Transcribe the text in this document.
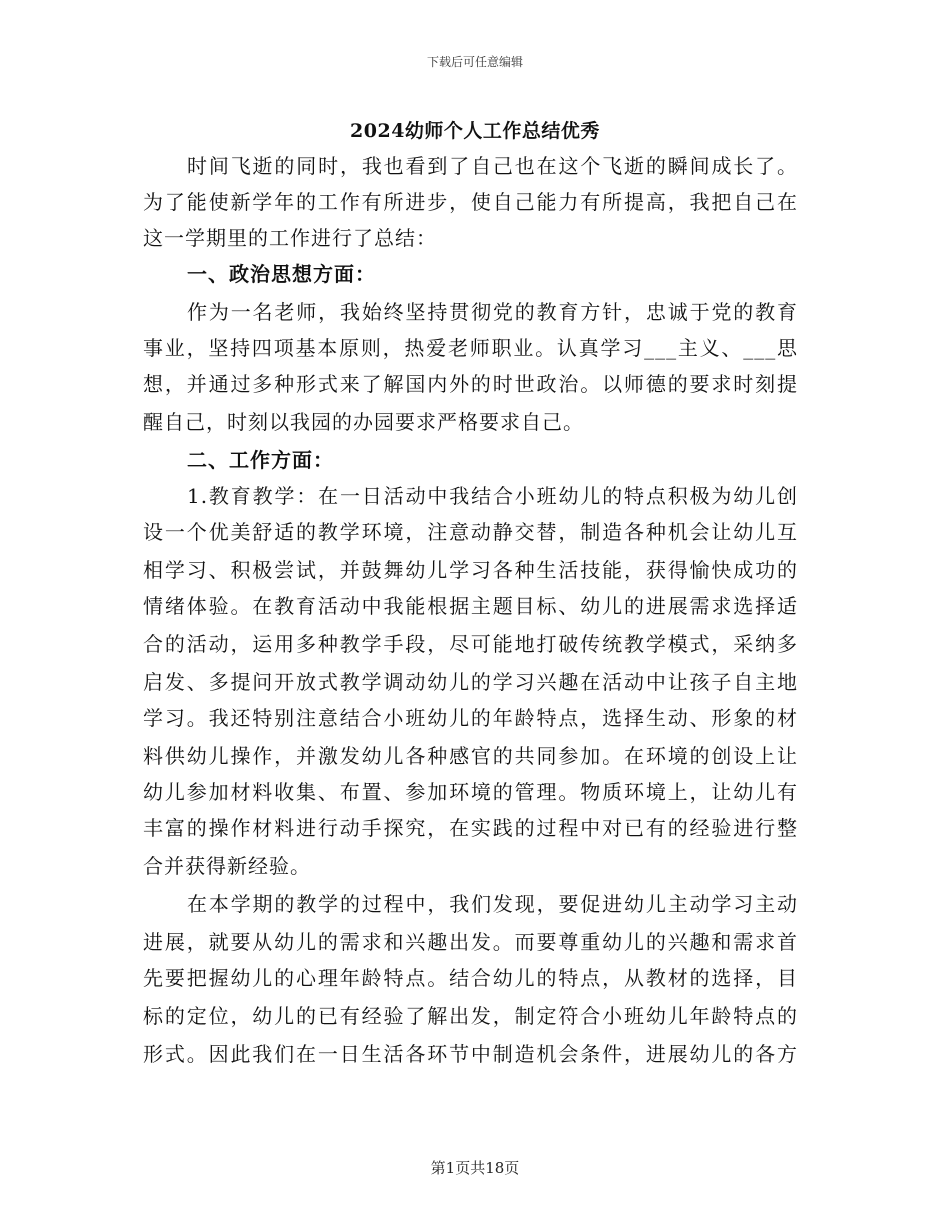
下载后可任意编辑
2024幼师个人工作总结优秀
时间飞逝的同时，我也看到了自己也在这个飞逝的瞬间成长了。
为了能使新学年的工作有所进步，使自己能力有所提高，我把自己在
这一学期里的工作进行了总结：
一、政治思想方面：
作为一名老师，我始终坚持贯彻党的教育方针，忠诚于党的教育
事业，坚持四项基本原则，热爱老师职业。认真学习___主义、___思
想，并通过多种形式来了解国内外的时世政治。以师德的要求时刻提
醒自己，时刻以我园的办园要求严格要求自己。
二、工作方面：
1.教育教学：在一日活动中我结合小班幼儿的特点积极为幼儿创
设一个优美舒适的教学环境，注意动静交替，制造各种机会让幼儿互
相学习、积极尝试，并鼓舞幼儿学习各种生活技能，获得愉快成功的
情绪体验。在教育活动中我能根据主题目标、幼儿的进展需求选择适
合的活动，运用多种教学手段，尽可能地打破传统教学模式，采纳多
启发、多提问开放式教学调动幼儿的学习兴趣在活动中让孩子自主地
学习。我还特别注意结合小班幼儿的年龄特点，选择生动、形象的材
料供幼儿操作，并激发幼儿各种感官的共同参加。在环境的创设上让
幼儿参加材料收集、布置、参加环境的管理。物质环境上，让幼儿有
丰富的操作材料进行动手探究，在实践的过程中对已有的经验进行整
合并获得新经验。
在本学期的教学的过程中，我们发现，要促进幼儿主动学习主动
进展，就要从幼儿的需求和兴趣出发。而要尊重幼儿的兴趣和需求首
先要把握幼儿的心理年龄特点。结合幼儿的特点，从教材的选择，目
标的定位，幼儿的已有经验了解出发，制定符合小班幼儿年龄特点的
形式。因此我们在一日生活各环节中制造机会条件，进展幼儿的各方
第1页共18页
